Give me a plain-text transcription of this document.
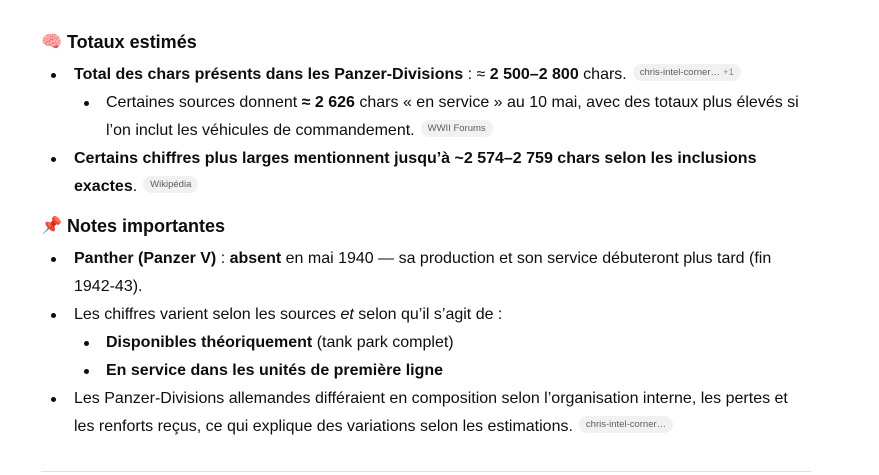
🧠 Totaux estimés
Total des chars présents dans les Panzer-Divisions : ≈ 2 500–2 800 chars. chris-intel-corner… +1
Certaines sources donnent ≈ 2 626 chars « en service » au 10 mai, avec des totaux plus élevés si l’on inclut les véhicules de commandement. WWII Forums
Certains chiffres plus larges mentionnent jusqu’à ~2 574–2 759 chars selon les inclusions exactes. Wikipédia
📌 Notes importantes
Panther (Panzer V) : absent en mai 1940 — sa production et son service débuteront plus tard (fin 1942-43).
Les chiffres varient selon les sources et selon qu’il s’agit de :
Disponibles théoriquement (tank park complet)
En service dans les unités de première ligne
Les Panzer-Divisions allemandes différaient en composition selon l’organisation interne, les pertes et les renforts reçus, ce qui explique des variations selon les estimations. chris-intel-corner…
